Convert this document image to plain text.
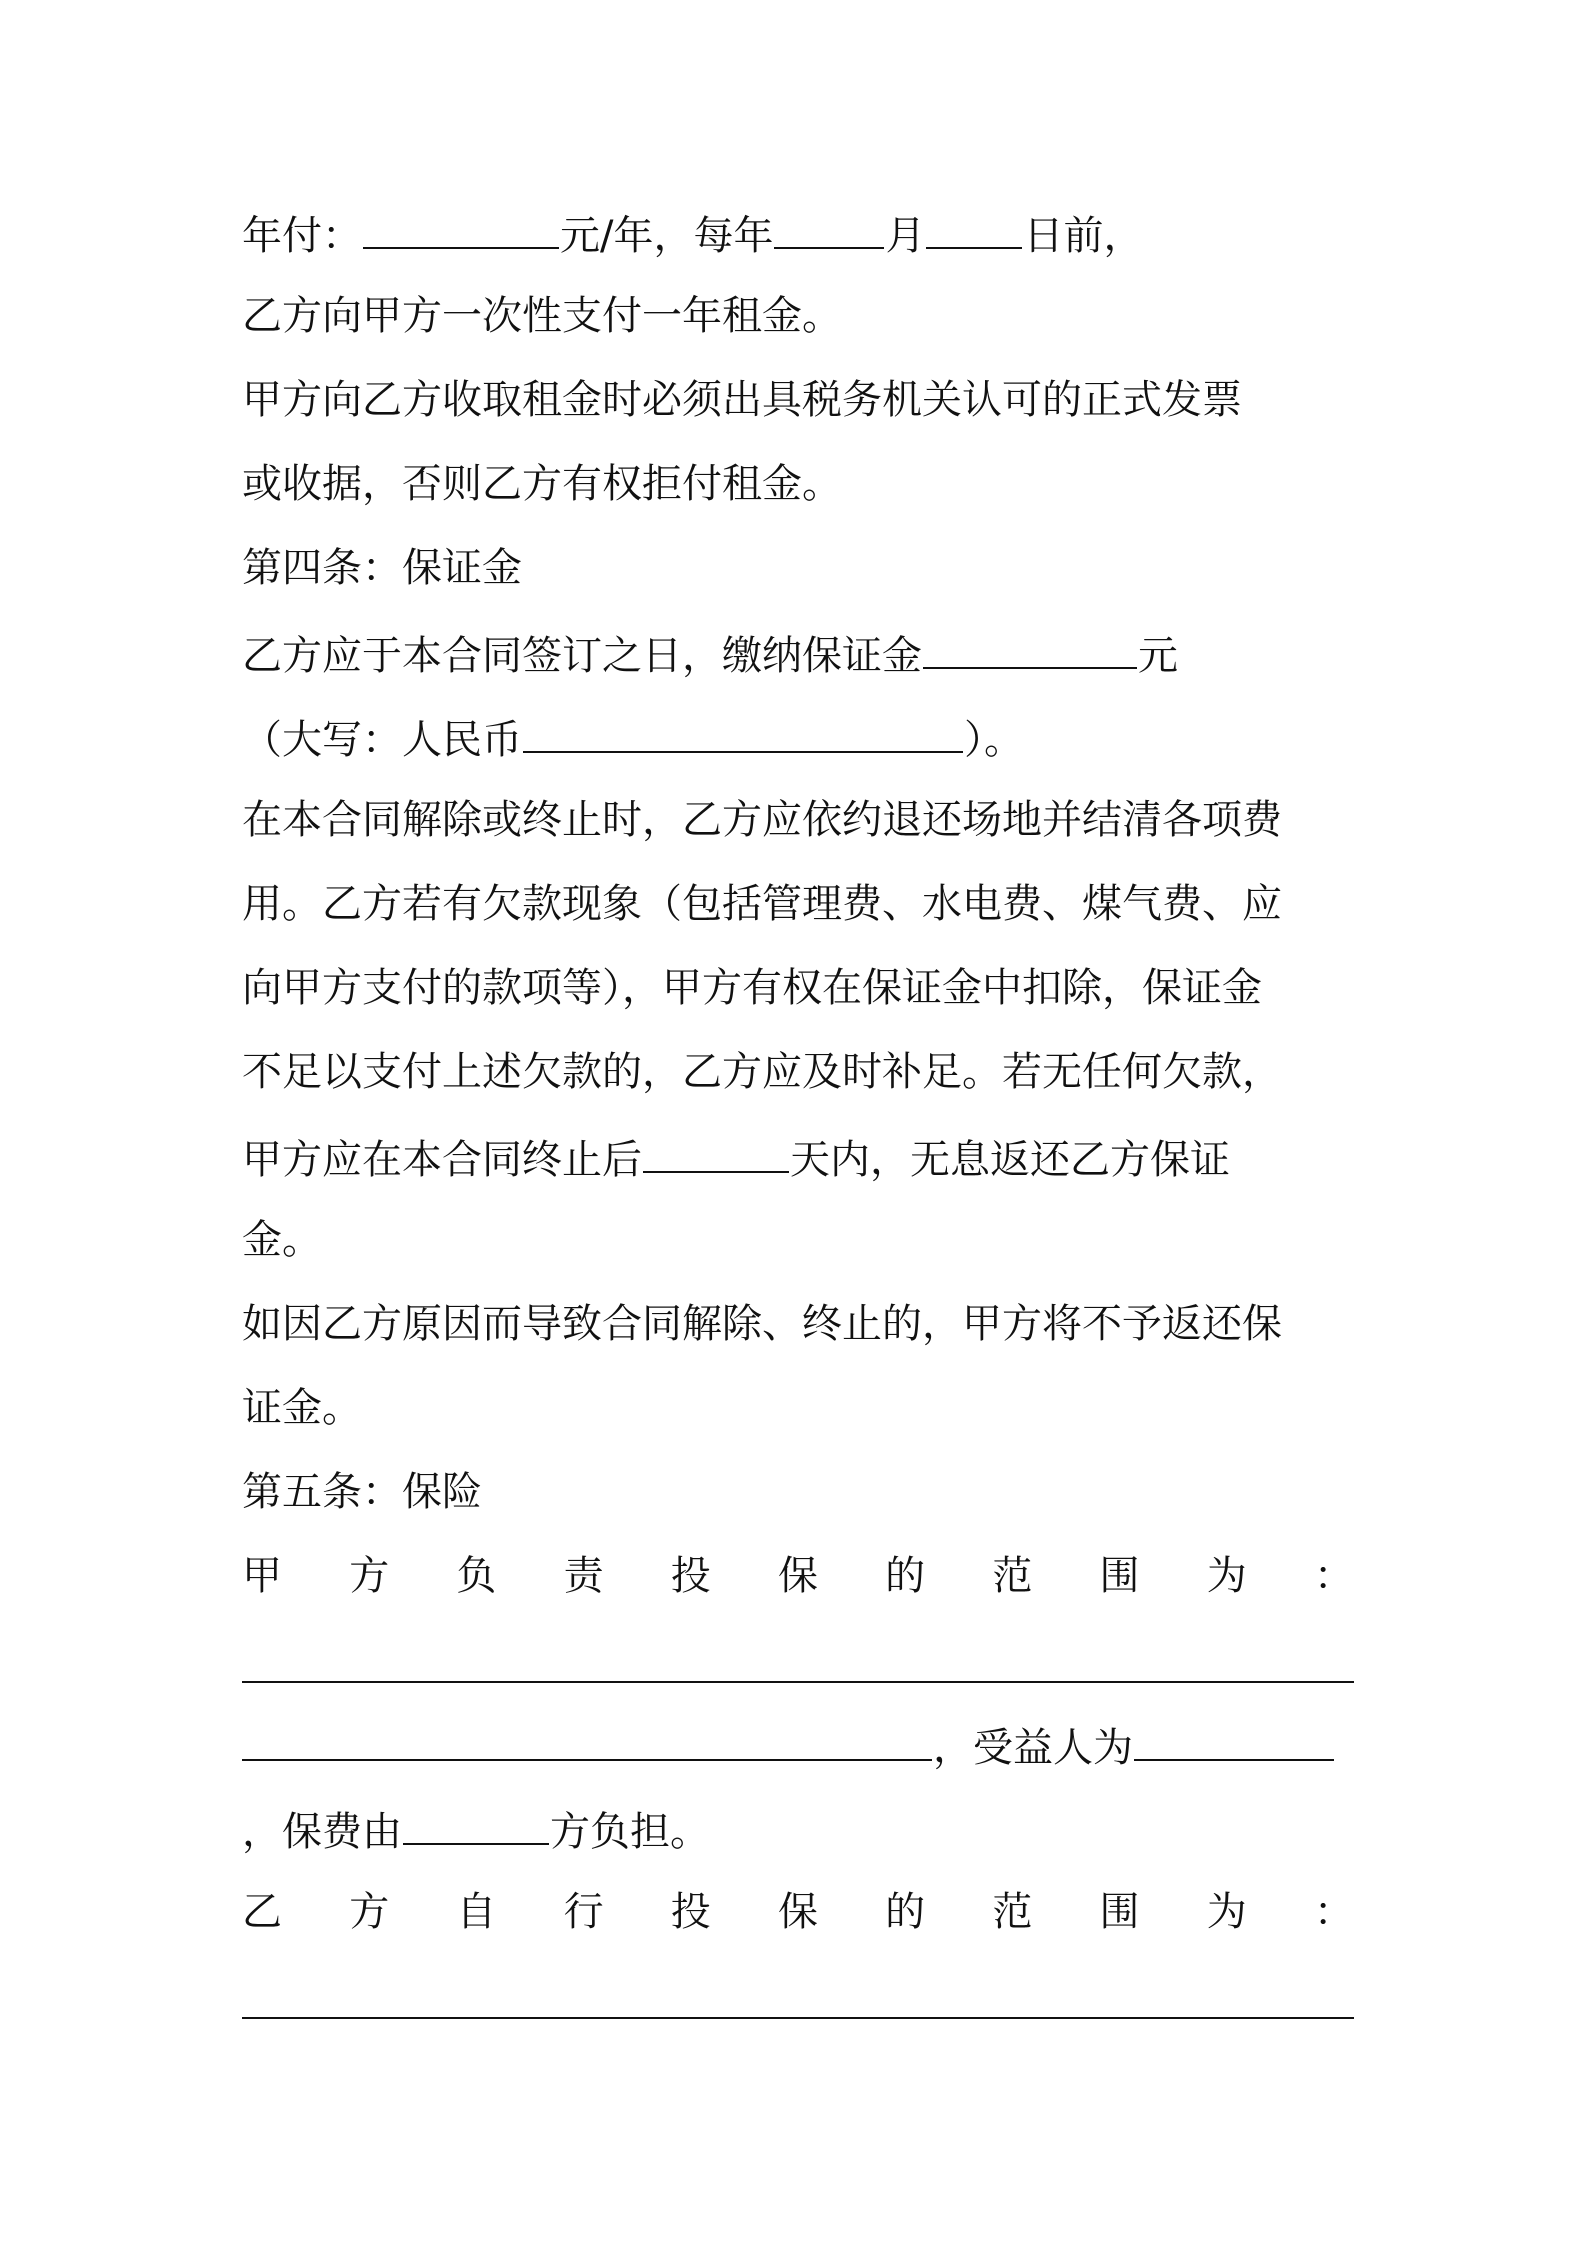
年付：	元/年，每年	月 日前，
乙方向甲方一次性支付一年租金。
甲方向乙方收取租金时必须出具税务机关认可的正式发票
或收据，否则乙方有权拒付租金。
第四条：保证金
乙方应于本合同签订之日，缴纳保证金	元
（大写：人民币	）。
在本合同解除或终止时，乙方应依约退还场地并结清各项费
用。乙方若有欠款现象（包括管理费、水电费、煤气费、应
向甲方支付的款项等），甲方有权在保证金中扣除，保证金
不足以支付上述欠款的，乙方应及时补足。若无任何欠款，
甲方应在本合同终止后	天内，无息返还乙方保证
金。
如因乙方原因而导致合同解除、终止的，甲方将不予返还保
证金。
第五条：保险
甲 方 负 责 投 保 的 范 围 为 ：
，受益人为
，保费由	方负担。
乙 方 自 行 投 保 的 范 围 为 ：
